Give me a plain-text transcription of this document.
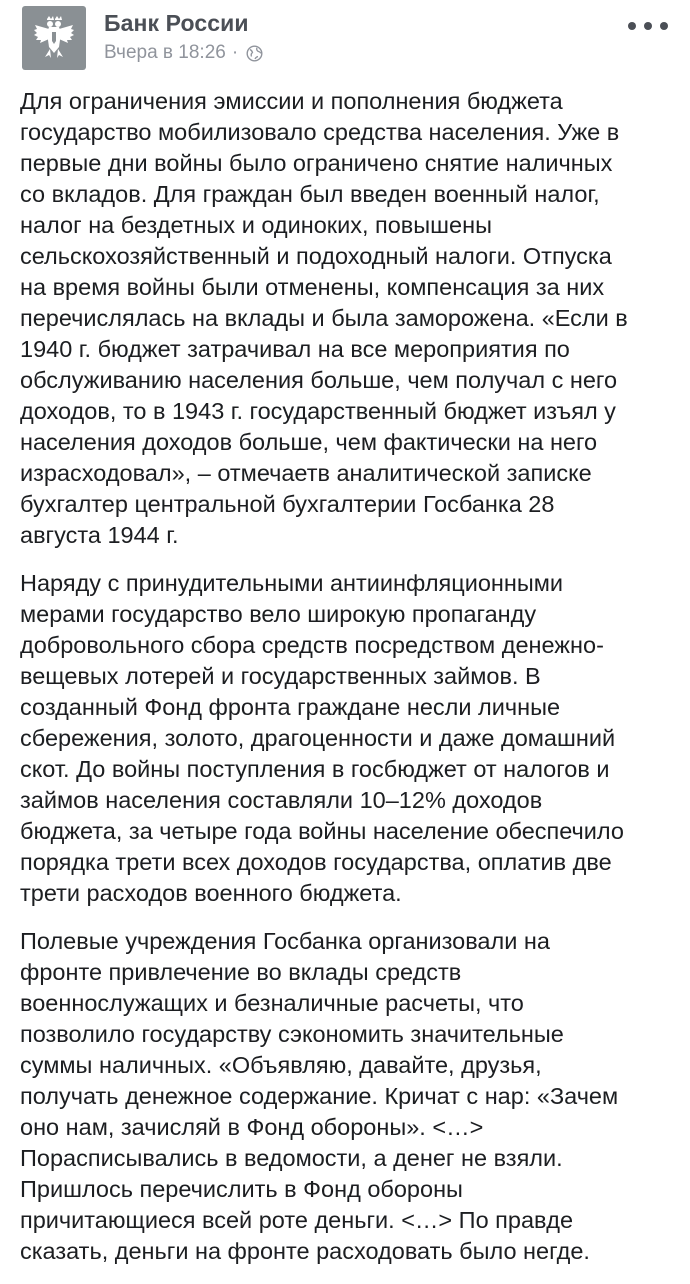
Банк России
Вчера в 18:26 ·

Для ограничения эмиссии и пополнения бюджета
государство мобилизовало средства населения. Уже в
первые дни войны было ограничено снятие наличных
со вкладов. Для граждан был введен военный налог,
налог на бездетных и одиноких, повышены
сельскохозяйственный и подоходный налоги. Отпуска
на время войны были отменены, компенсация за них
перечислялась на вклады и была заморожена. «Если в
1940 г. бюджет затрачивал на все мероприятия по
обслуживанию населения больше, чем получал с него
доходов, то в 1943 г. государственный бюджет изъял у
населения доходов больше, чем фактически на него
израсходовал», – отмечаетв аналитической записке
бухгалтер центральной бухгалтерии Госбанка 28
августа 1944 г.

Наряду с принудительными антиинфляционными
мерами государство вело широкую пропаганду
добровольного сбора средств посредством денежно-
вещевых лотерей и государственных займов. В
созданный Фонд фронта граждане несли личные
сбережения, золото, драгоценности и даже домашний
скот. До войны поступления в госбюджет от налогов и
займов населения составляли 10–12% доходов
бюджета, за четыре года войны население обеспечило
порядка трети всех доходов государства, оплатив две
трети расходов военного бюджета.

Полевые учреждения Госбанка организовали на
фронте привлечение во вклады средств
военнослужащих и безналичные расчеты, что
позволило государству сэкономить значительные
суммы наличных. «Объявляю, давайте, друзья,
получать денежное содержание. Кричат с нар: «Зачем
оно нам, зачисляй в Фонд обороны». <…>
Порасписывались в ведомости, а денег не взяли.
Пришлось перечислить в Фонд обороны
причитающиеся всей роте деньги. <…> По правде
сказать, деньги на фронте расходовать было негде.
